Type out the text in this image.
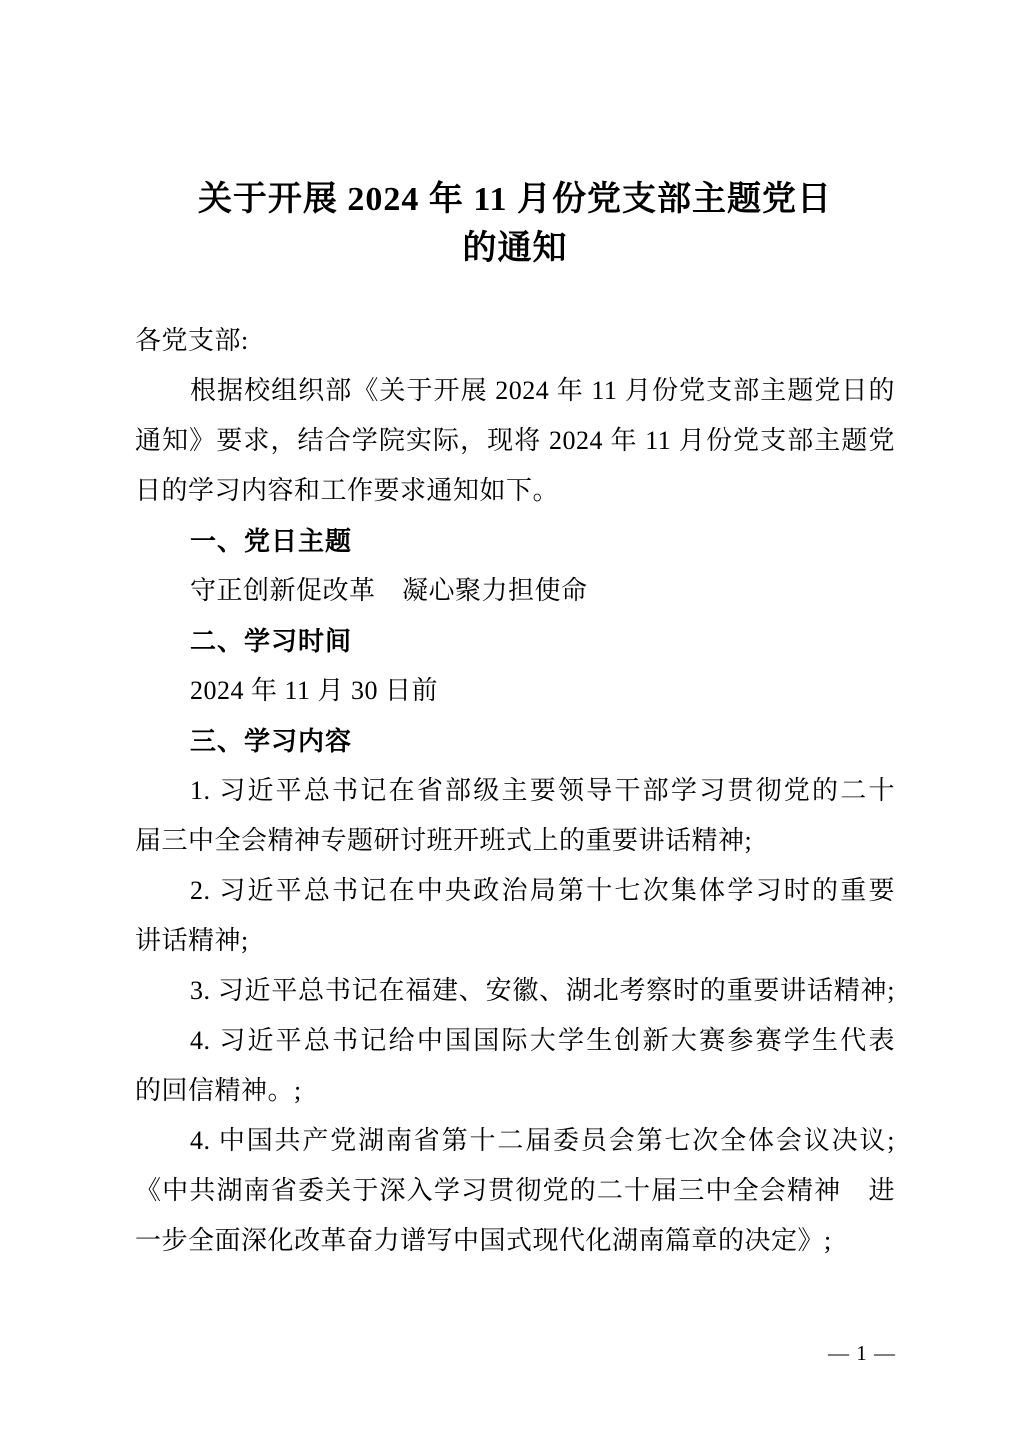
关于开展 2024 年 11 月份党支部主题党日
的通知
各党支部:
根据校组织部《关于开展 2024 年 11 月份党支部主题党日的
通知》要求，结合学院实际，现将 2024 年 11 月份党支部主题党
日的学习内容和工作要求通知如下。
一、党日主题
守正创新促改革　凝心聚力担使命
二、学习时间
2024 年 11 月 30 日前
三、学习内容
1. 习近平总书记在省部级主要领导干部学习贯彻党的二十
届三中全会精神专题研讨班开班式上的重要讲话精神;
2. 习近平总书记在中央政治局第十七次集体学习时的重要
讲话精神;
3. 习近平总书记在福建、安徽、湖北考察时的重要讲话精神;
4. 习近平总书记给中国国际大学生创新大赛参赛学生代表
的回信精神。;
4. 中国共产党湖南省第十二届委员会第七次全体会议决议;
《中共湖南省委关于深入学习贯彻党的二十届三中全会精神　进
一步全面深化改革奋力谱写中国式现代化湖南篇章的决定》;
— 1 —
